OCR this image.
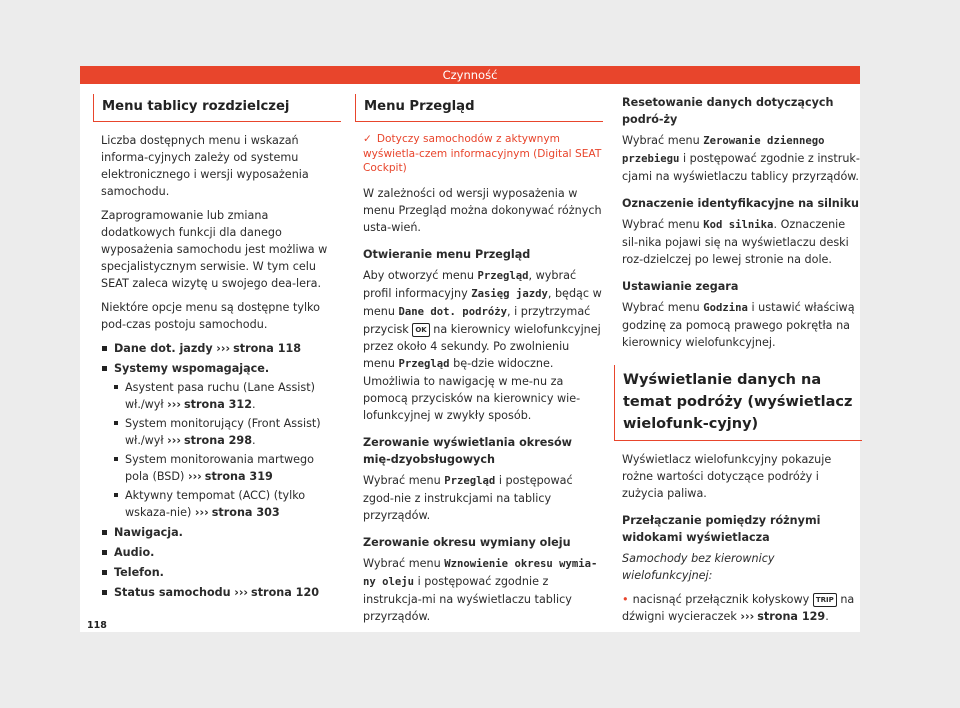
Czynność
Menu tablicy rozdzielczej

Liczba dostępnych menu i wskazań informa-cyjnych zależy od systemu elektronicznego i wersji wyposażenia samochodu.

Zaprogramowanie lub zmiana dodatkowych funkcji dla danego wyposażenia samochodu jest możliwa w specjalistycznym serwisie. W tym celu SEAT zaleca wizytę u swojego dea-lera.

Niektóre opcje menu są dostępne tylko pod-czas postoju samochodu.

Dane dot. jazdy ››› strona 118
Systemy wspomagające.
Asystent pasa ruchu (Lane Assist) wł./wył ››› strona 312.
System monitorujący (Front Assist) wł./wył ››› strona 298.
System monitorowania martwego pola (BSD) ››› strona 319
Aktywny tempomat (ACC) (tylko wskaza-nie) ››› strona 303
Nawigacja.
Audio.
Telefon.
Status samochodu ››› strona 120
Menu Przegląd
✓ Dotyczy samochodów z aktywnym wyświetla-czem informacyjnym (Digital SEAT Cockpit)

W zależności od wersji wyposażenia w menu Przegląd można dokonywać różnych usta-wień.

Otwieranie menu Przegląd

Aby otworzyć menu Przegląd, wybrać profil informacyjny Zasięg jazdy, będąc w menu Dane dot. podróży, i przytrzymać przycisk OK na kierownicy wielofunkcyjnej przez około 4 sekundy. Po zwolnieniu menu Przegląd bę-dzie widoczne. Umożliwia to nawigację w me-nu za pomocą przycisków na kierownicy wie-lofunkcyjnej w zwykły sposób.

Zerowanie wyświetlania okresów mię-dzyobsługowych

Wybrać menu Przegląd i postępować zgod-nie z instrukcjami na tablicy przyrządów.

Zerowanie okresu wymiany oleju

Wybrać menu Wznowienie okresu wymia-ny oleju i postępować zgodnie z instrukcja-mi na wyświetlaczu tablicy przyrządów.

Resetowanie danych dotyczących podró-ży

Wybrać menu Zerowanie dziennego przebiegu i postępować zgodnie z instruk-cjami na wyświetlaczu tablicy przyrządów.

Oznaczenie identyfikacyjne na silniku

Wybrać menu Kod silnika. Oznaczenie sil-nika pojawi się na wyświetlaczu deski roz-dzielczej po lewej stronie na dole.

Ustawianie zegara

Wybrać menu Godzina i ustawić właściwą godzinę za pomocą prawego pokrętła na kierownicy wielofunkcyjnej.

Wyświetlanie danych na temat podróży (wyświetlacz wielofunk-cyjny)

Wyświetlacz wielofunkcyjny pokazuje rożne wartości dotyczące podróży i zużycia paliwa.

Przełączanie pomiędzy różnymi widokami wyświetlacza

Samochody bez kierownicy wielofunkcyjnej:

• nacisnąć przełącznik kołyskowy TRIP na dźwigni wycieraczek ››› strona 129.

118
